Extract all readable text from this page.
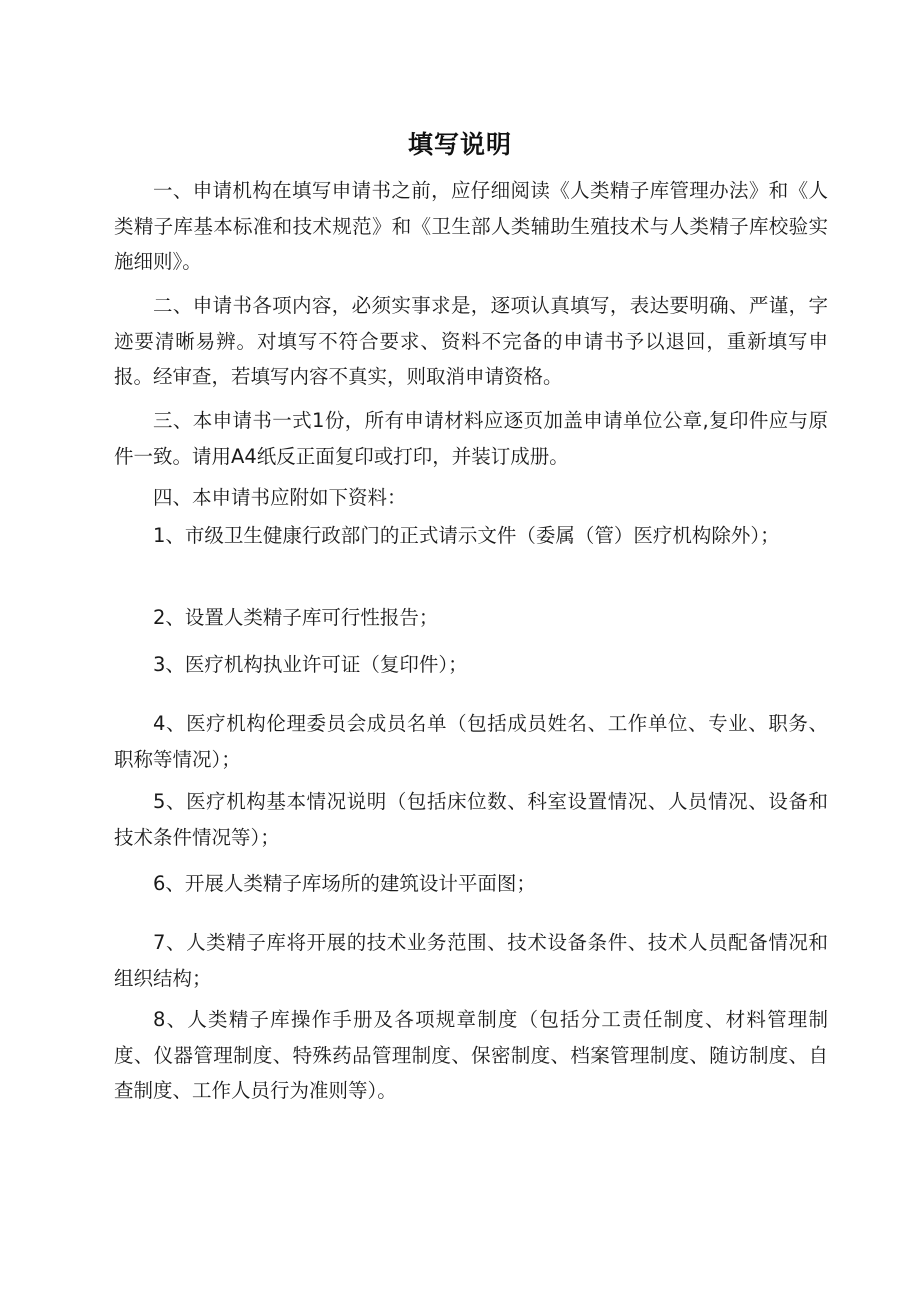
填写说明

一、申请机构在填写申请书之前，应仔细阅读《人类精子库管理办法》和《人类精子库基本标准和技术规范》和《卫生部人类辅助生殖技术与人类精子库校验实施细则》。

二、申请书各项内容，必须实事求是，逐项认真填写，表达要明确、严谨，字迹要清晰易辨。对填写不符合要求、资料不完备的申请书予以退回，重新填写申报。经审查，若填写内容不真实，则取消申请资格。

三、本申请书一式1份，所有申请材料应逐页加盖申请单位公章,复印件应与原件一致。请用A4纸反正面复印或打印，并装订成册。

四、本申请书应附如下资料：

1、市级卫生健康行政部门的正式请示文件（委属（管）医疗机构除外）；

2、设置人类精子库可行性报告；

3、医疗机构执业许可证（复印件）；

4、医疗机构伦理委员会成员名单（包括成员姓名、工作单位、专业、职务、职称等情况）；

5、医疗机构基本情况说明（包括床位数、科室设置情况、人员情况、设备和技术条件情况等）；

6、开展人类精子库场所的建筑设计平面图；

7、人类精子库将开展的技术业务范围、技术设备条件、技术人员配备情况和组织结构；

8、人类精子库操作手册及各项规章制度（包括分工责任制度、材料管理制度、仪器管理制度、特殊药品管理制度、保密制度、档案管理制度、随访制度、自查制度、工作人员行为准则等）。
